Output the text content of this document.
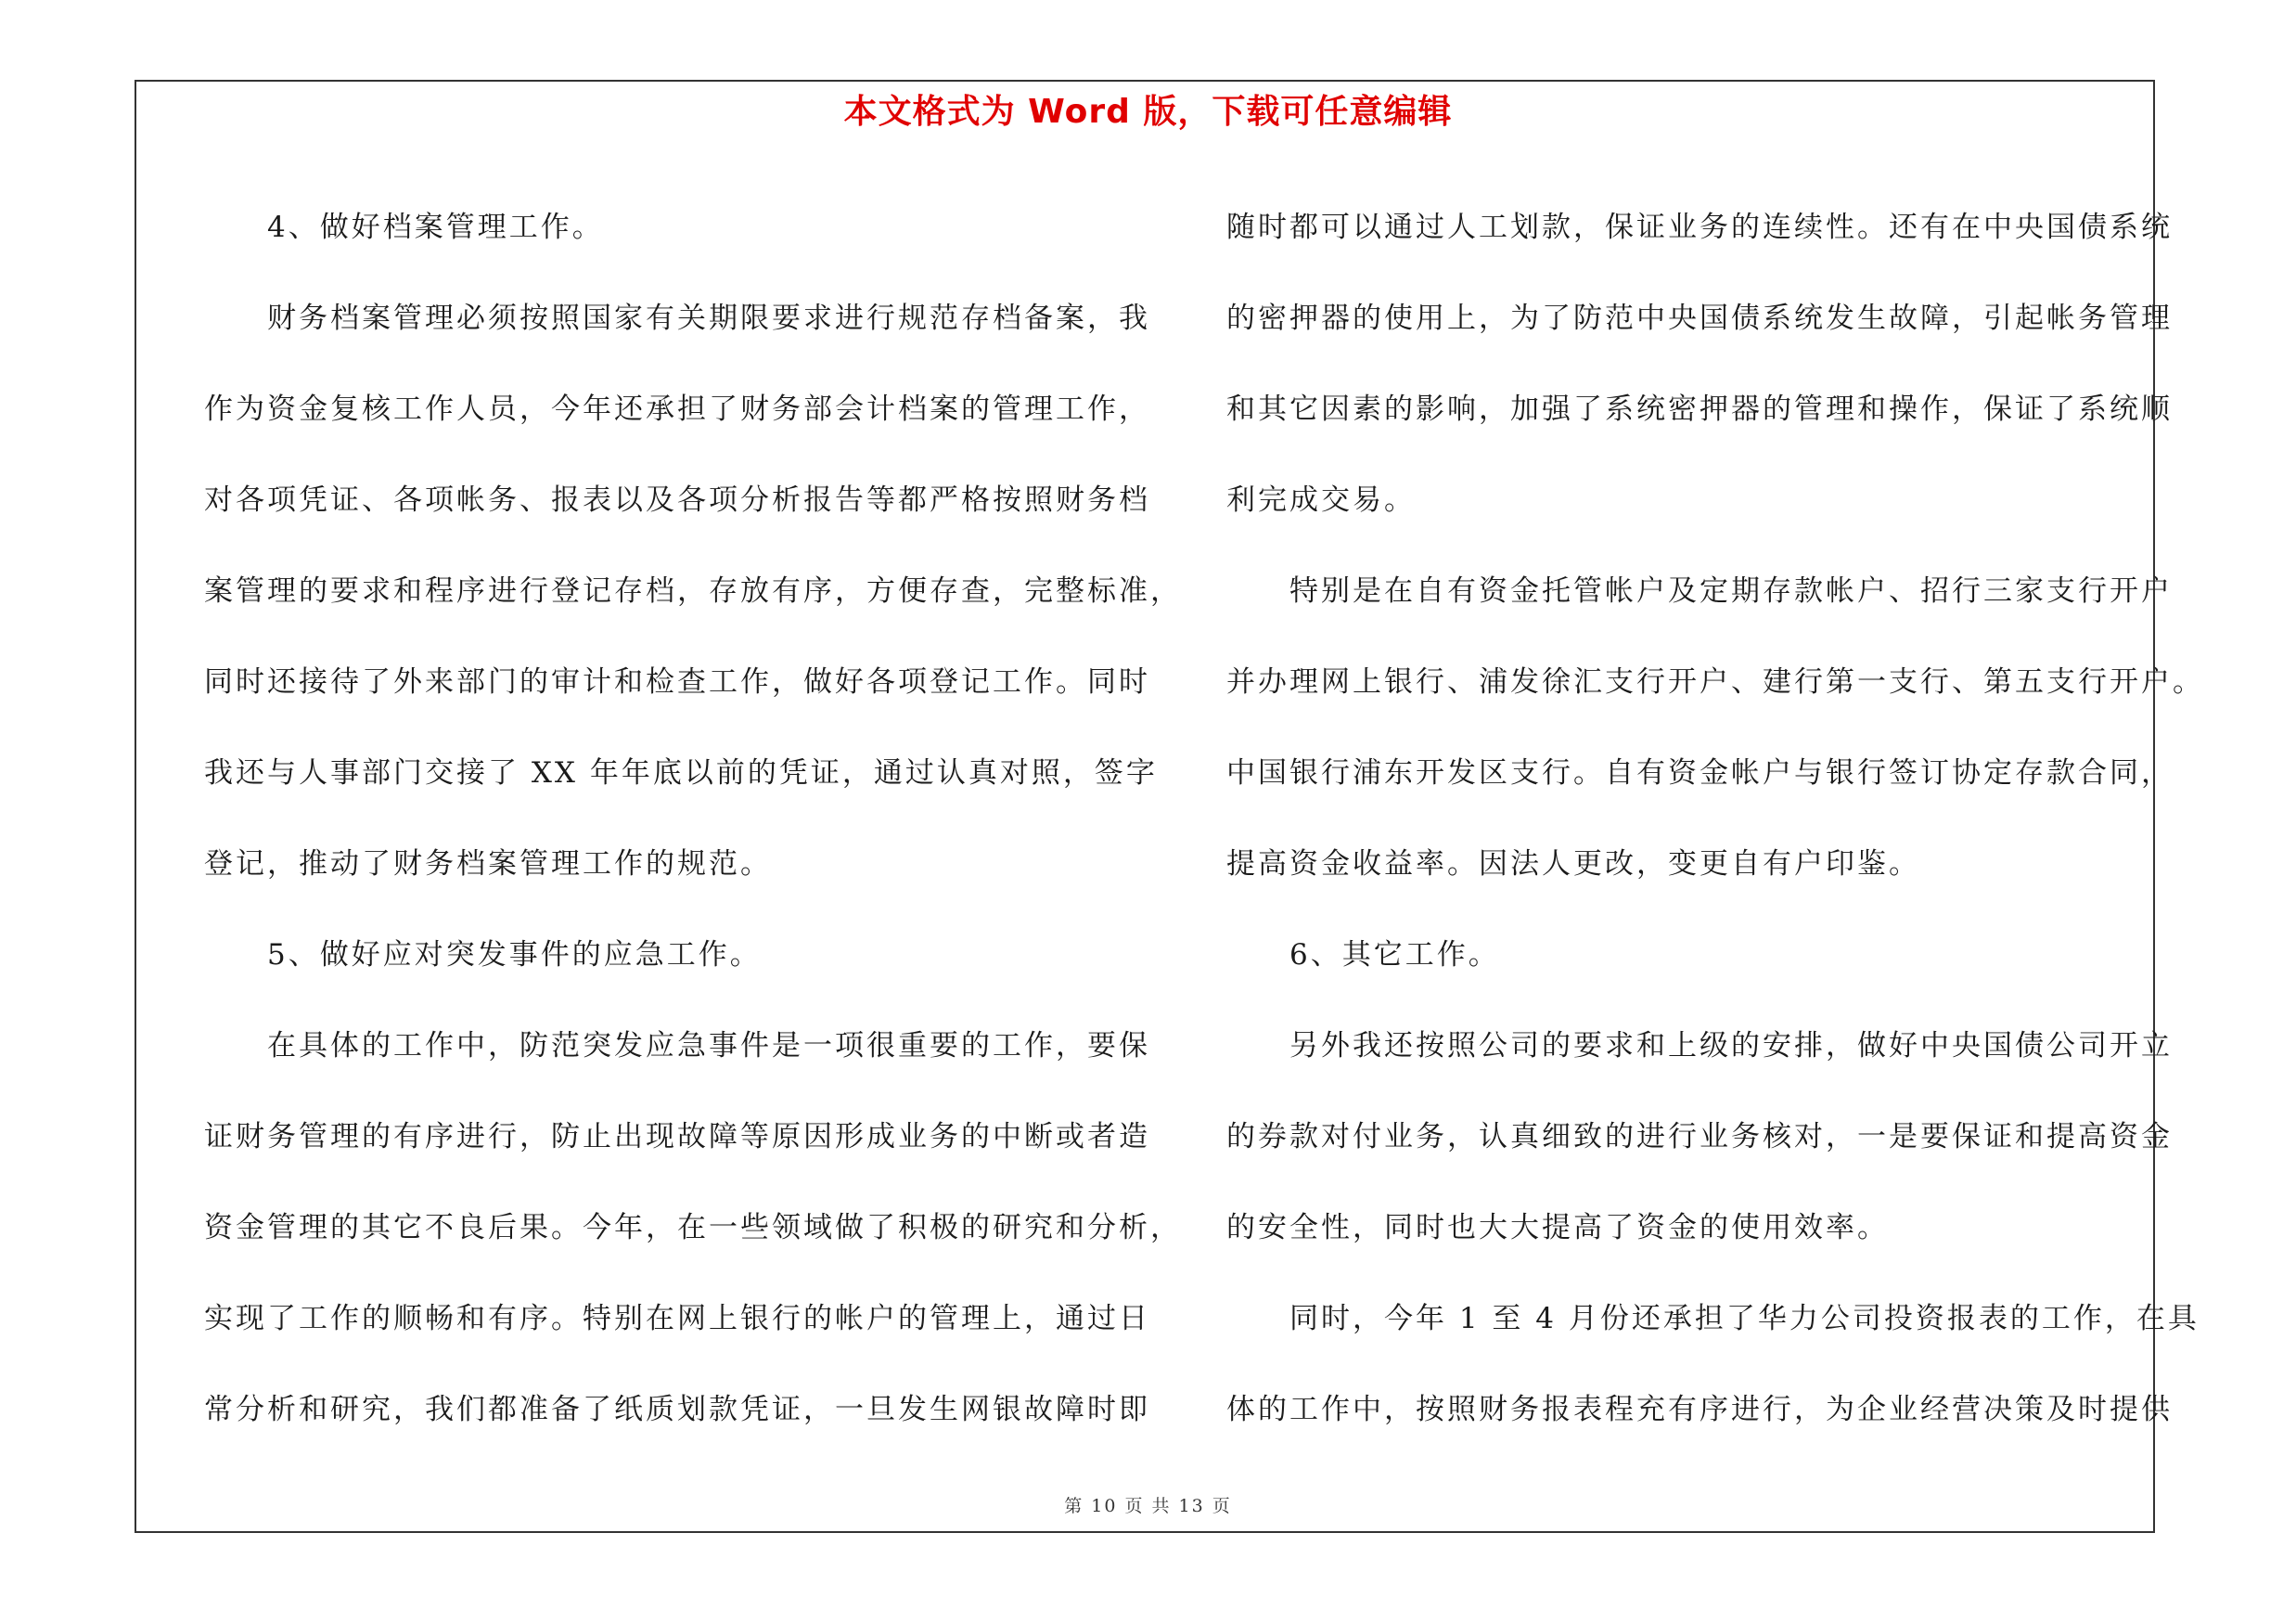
本文格式为 Word 版，下载可任意编辑

　　4、做好档案管理工作。

　　财务档案管理必须按照国家有关期限要求进行规范存档备案，我

作为资金复核工作人员，今年还承担了财务部会计档案的管理工作，

对各项凭证、各项帐务、报表以及各项分析报告等都严格按照财务档

案管理的要求和程序进行登记存档，存放有序，方便存查，完整标准，

同时还接待了外来部门的审计和检查工作，做好各项登记工作。同时

我还与人事部门交接了 XX 年年底以前的凭证，通过认真对照，签字

登记，推动了财务档案管理工作的规范。

　　5、做好应对突发事件的应急工作。

　　在具体的工作中，防范突发应急事件是一项很重要的工作，要保

证财务管理的有序进行，防止出现故障等原因形成业务的中断或者造

资金管理的其它不良后果。今年，在一些领域做了积极的研究和分析，

实现了工作的顺畅和有序。特别在网上银行的帐户的管理上，通过日

常分析和研究，我们都准备了纸质划款凭证，一旦发生网银故障时即

随时都可以通过人工划款，保证业务的连续性。还有在中央国债系统

的密押器的使用上，为了防范中央国债系统发生故障，引起帐务管理

和其它因素的影响，加强了系统密押器的管理和操作，保证了系统顺

利完成交易。

　　特别是在自有资金托管帐户及定期存款帐户、招行三家支行开户

并办理网上银行、浦发徐汇支行开户、建行第一支行、第五支行开户。

中国银行浦东开发区支行。自有资金帐户与银行签订协定存款合同，

提高资金收益率。因法人更改，变更自有户印鉴。

　　6、其它工作。

　　另外我还按照公司的要求和上级的安排，做好中央国债公司开立

的券款对付业务，认真细致的进行业务核对，一是要保证和提高资金

的安全性，同时也大大提高了资金的使用效率。

　　同时，今年 1 至 4 月份还承担了华力公司投资报表的工作，在具

体的工作中，按照财务报表程充有序进行，为企业经营决策及时提供

第 10 页 共 13 页
